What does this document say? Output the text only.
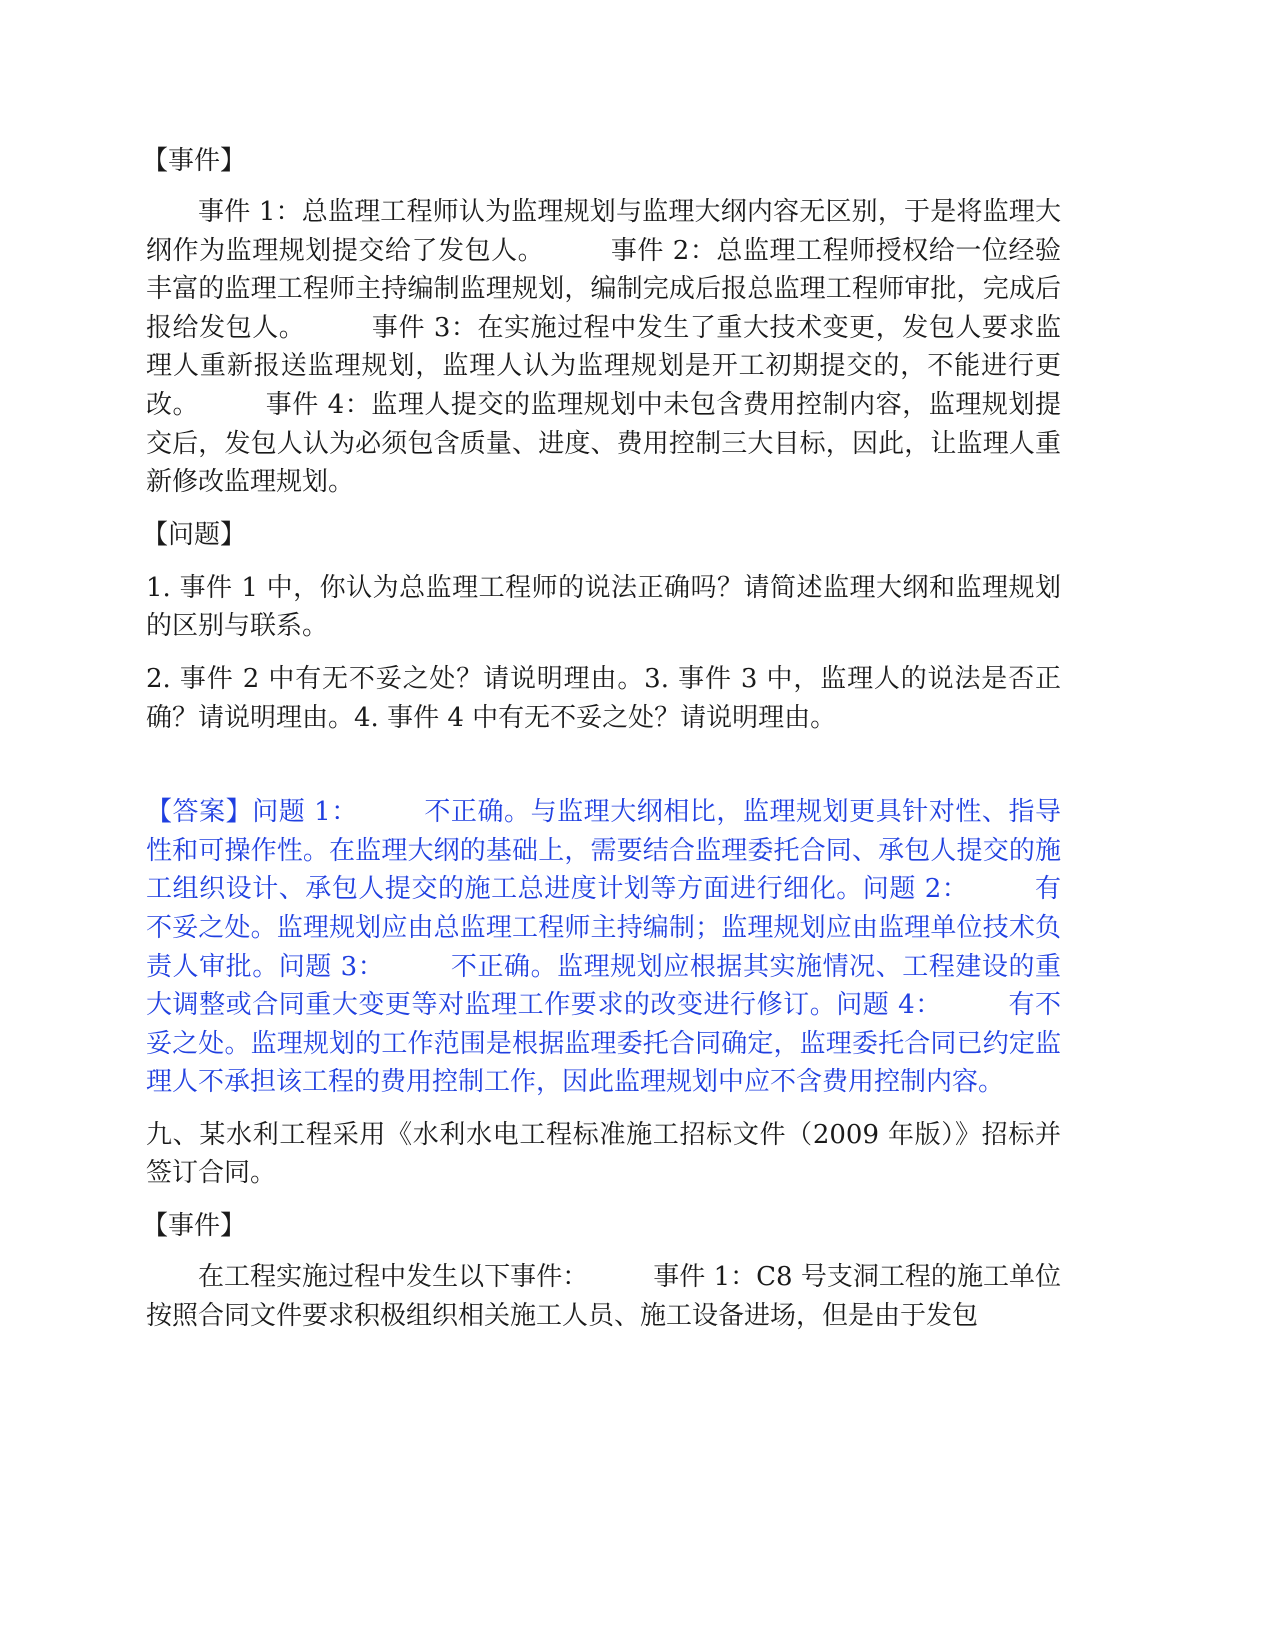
【事件】

事件 1：总监理工程师认为监理规划与监理大纲内容无区别，于是将监理大纲作为监理规划提交给了发包人。　　　事件 2：总监理工程师授权给一位经验丰富的监理工程师主持编制监理规划，编制完成后报总监理工程师审批，完成后报给发包人。　　　事件 3：在实施过程中发生了重大技术变更，发包人要求监理人重新报送监理规划，监理人认为监理规划是开工初期提交的，不能进行更改。　　　事件 4：监理人提交的监理规划中未包含费用控制内容，监理规划提交后，发包人认为必须包含质量、进度、费用控制三大目标，因此，让监理人重新修改监理规划。

【问题】

1. 事件 1 中，你认为总监理工程师的说法正确吗？请简述监理大纲和监理规划的区别与联系。

2. 事件 2 中有无不妥之处？请说明理由。3. 事件 3 中，监理人的说法是否正确？请说明理由。4. 事件 4 中有无不妥之处？请说明理由。

【答案】问题 1：　　　不正确。与监理大纲相比，监理规划更具针对性、指导性和可操作性。在监理大纲的基础上，需要结合监理委托合同、承包人提交的施工组织设计、承包人提交的施工总进度计划等方面进行细化。问题 2：　　　有不妥之处。监理规划应由总监理工程师主持编制；监理规划应由监理单位技术负责人审批。问题 3：　　　不正确。监理规划应根据其实施情况、工程建设的重大调整或合同重大变更等对监理工作要求的改变进行修订。问题 4：　　　有不妥之处。监理规划的工作范围是根据监理委托合同确定，监理委托合同已约定监理人不承担该工程的费用控制工作，因此监理规划中应不含费用控制内容。

九、某水利工程采用《水利水电工程标准施工招标文件（2009 年版）》招标并签订合同。

【事件】

在工程实施过程中发生以下事件：　　　事件 1：C8 号支洞工程的施工单位按照合同文件要求积极组织相关施工人员、施工设备进场，但是由于发包
